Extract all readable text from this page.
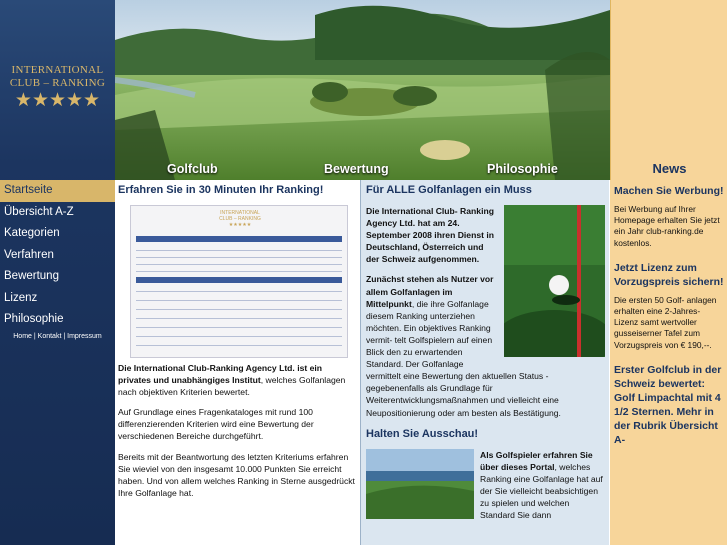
INTERNATIONAL
CLUB – RANKING
★★★★★
Startseite
Übersicht A-Z
Kategorien
Verfahren
Bewertung
Lizenz
Philosophie
Home | Kontakt | Impressum
Golfclub	Bewertung	Philosophie	News
Erfahren Sie in 30 Minuten Ihr Ranking!
INTERNATIONAL
CLUB – RANKING
★★★★★

Die International Club-Ranking Agency Ltd. ist ein privates und unabhängiges Institut, welches Golfanlagen nach objektiven Kriterien bewertet.

Auf Grundlage eines Fragenkataloges mit rund 100 differenzierenden Kriterien wird eine Bewertung der verschiedenen Bereiche durchgeführt.

Bereits mit der Beantwortung des letzten Kriteriums erfahren Sie wieviel von den insgesamt 10.000 Punkten Sie erreicht haben. Und von allem welches Ranking in Sterne ausgedrückt Ihre Golfanlage hat.

Für ALLE Golfanlagen ein Muss

Die International Club- Ranking Agency Ltd. hat am 24. September 2008 ihren Dienst in Deutschland, Österreich und der Schweiz aufgenommen.

Zunächst stehen als Nutzer vor allem Golfanlagen im Mittelpunkt, die ihre Golfanlage diesem Ranking unterziehen möchten. Ein objektives Ranking vermit- telt Golfspielern auf einen Blick den zu erwartenden Standard. Der Golfanlage vermittelt eine Bewertung den aktuellen Status - gegebenenfalls als Grundlage für Weiterentwicklungsmaßnahmen und vielleicht eine Neupositionierung oder am besten als Bestätigung.

Halten Sie Ausschau!

Als Golfspieler erfahren Sie über dieses Portal, welches Ranking eine Golfanlage hat auf der Sie vielleicht beabsichtigen zu spielen und welchen Standard Sie dann

Machen Sie Werbung!

Bei Werbung auf Ihrer Homepage erhalten Sie jetzt ein Jahr club-ranking.de kostenlos.

Jetzt Lizenz zum Vorzugspreis sichern!

Die ersten 50 Golf- anlagen erhalten eine 2-Jahres-Lizenz samt wertvoller gusseiserner Tafel zum Vorzugspreis von € 190,--.

Erster Golfclub in der Schweiz bewertet: Golf Limpachtal mit 4 1/2 Sternen. Mehr in der Rubrik Übersicht A-
